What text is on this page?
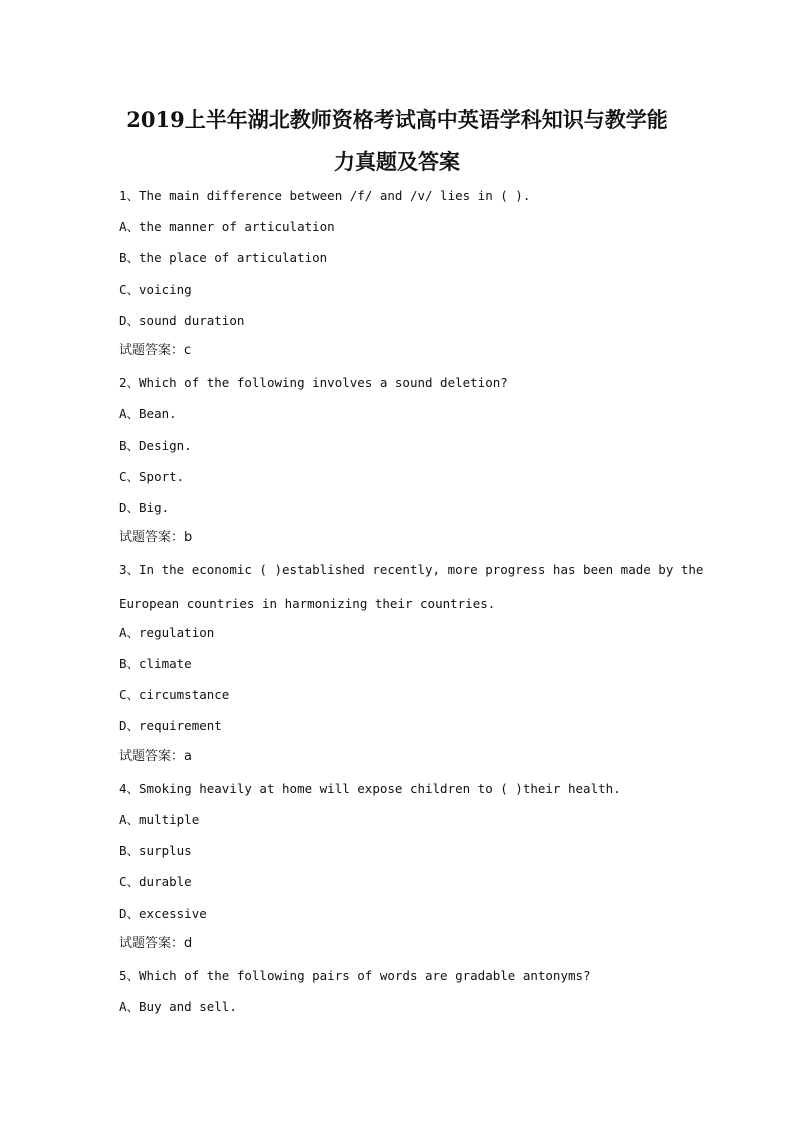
2019上半年湖北教师资格考试高中英语学科知识与教学能
力真题及答案
1、The main difference between /f/ and /v/ lies in ( ).
A、the manner of articulation
B、the place of articulation
C、voicing
D、sound duration
试题答案：c
2、Which of the following involves a sound deletion?
A、Bean.
B、Design.
C、Sport.
D、Big.
试题答案：b
3、In the economic ( )established recently, more progress has been made by the
European countries in harmonizing their countries.
A、regulation
B、climate
C、circumstance
D、requirement
试题答案：a
4、Smoking heavily at home will expose children to ( )their health.
A、multiple
B、surplus
C、durable
D、excessive
试题答案：d
5、Which of the following pairs of words are gradable antonyms?
A、Buy and sell.
